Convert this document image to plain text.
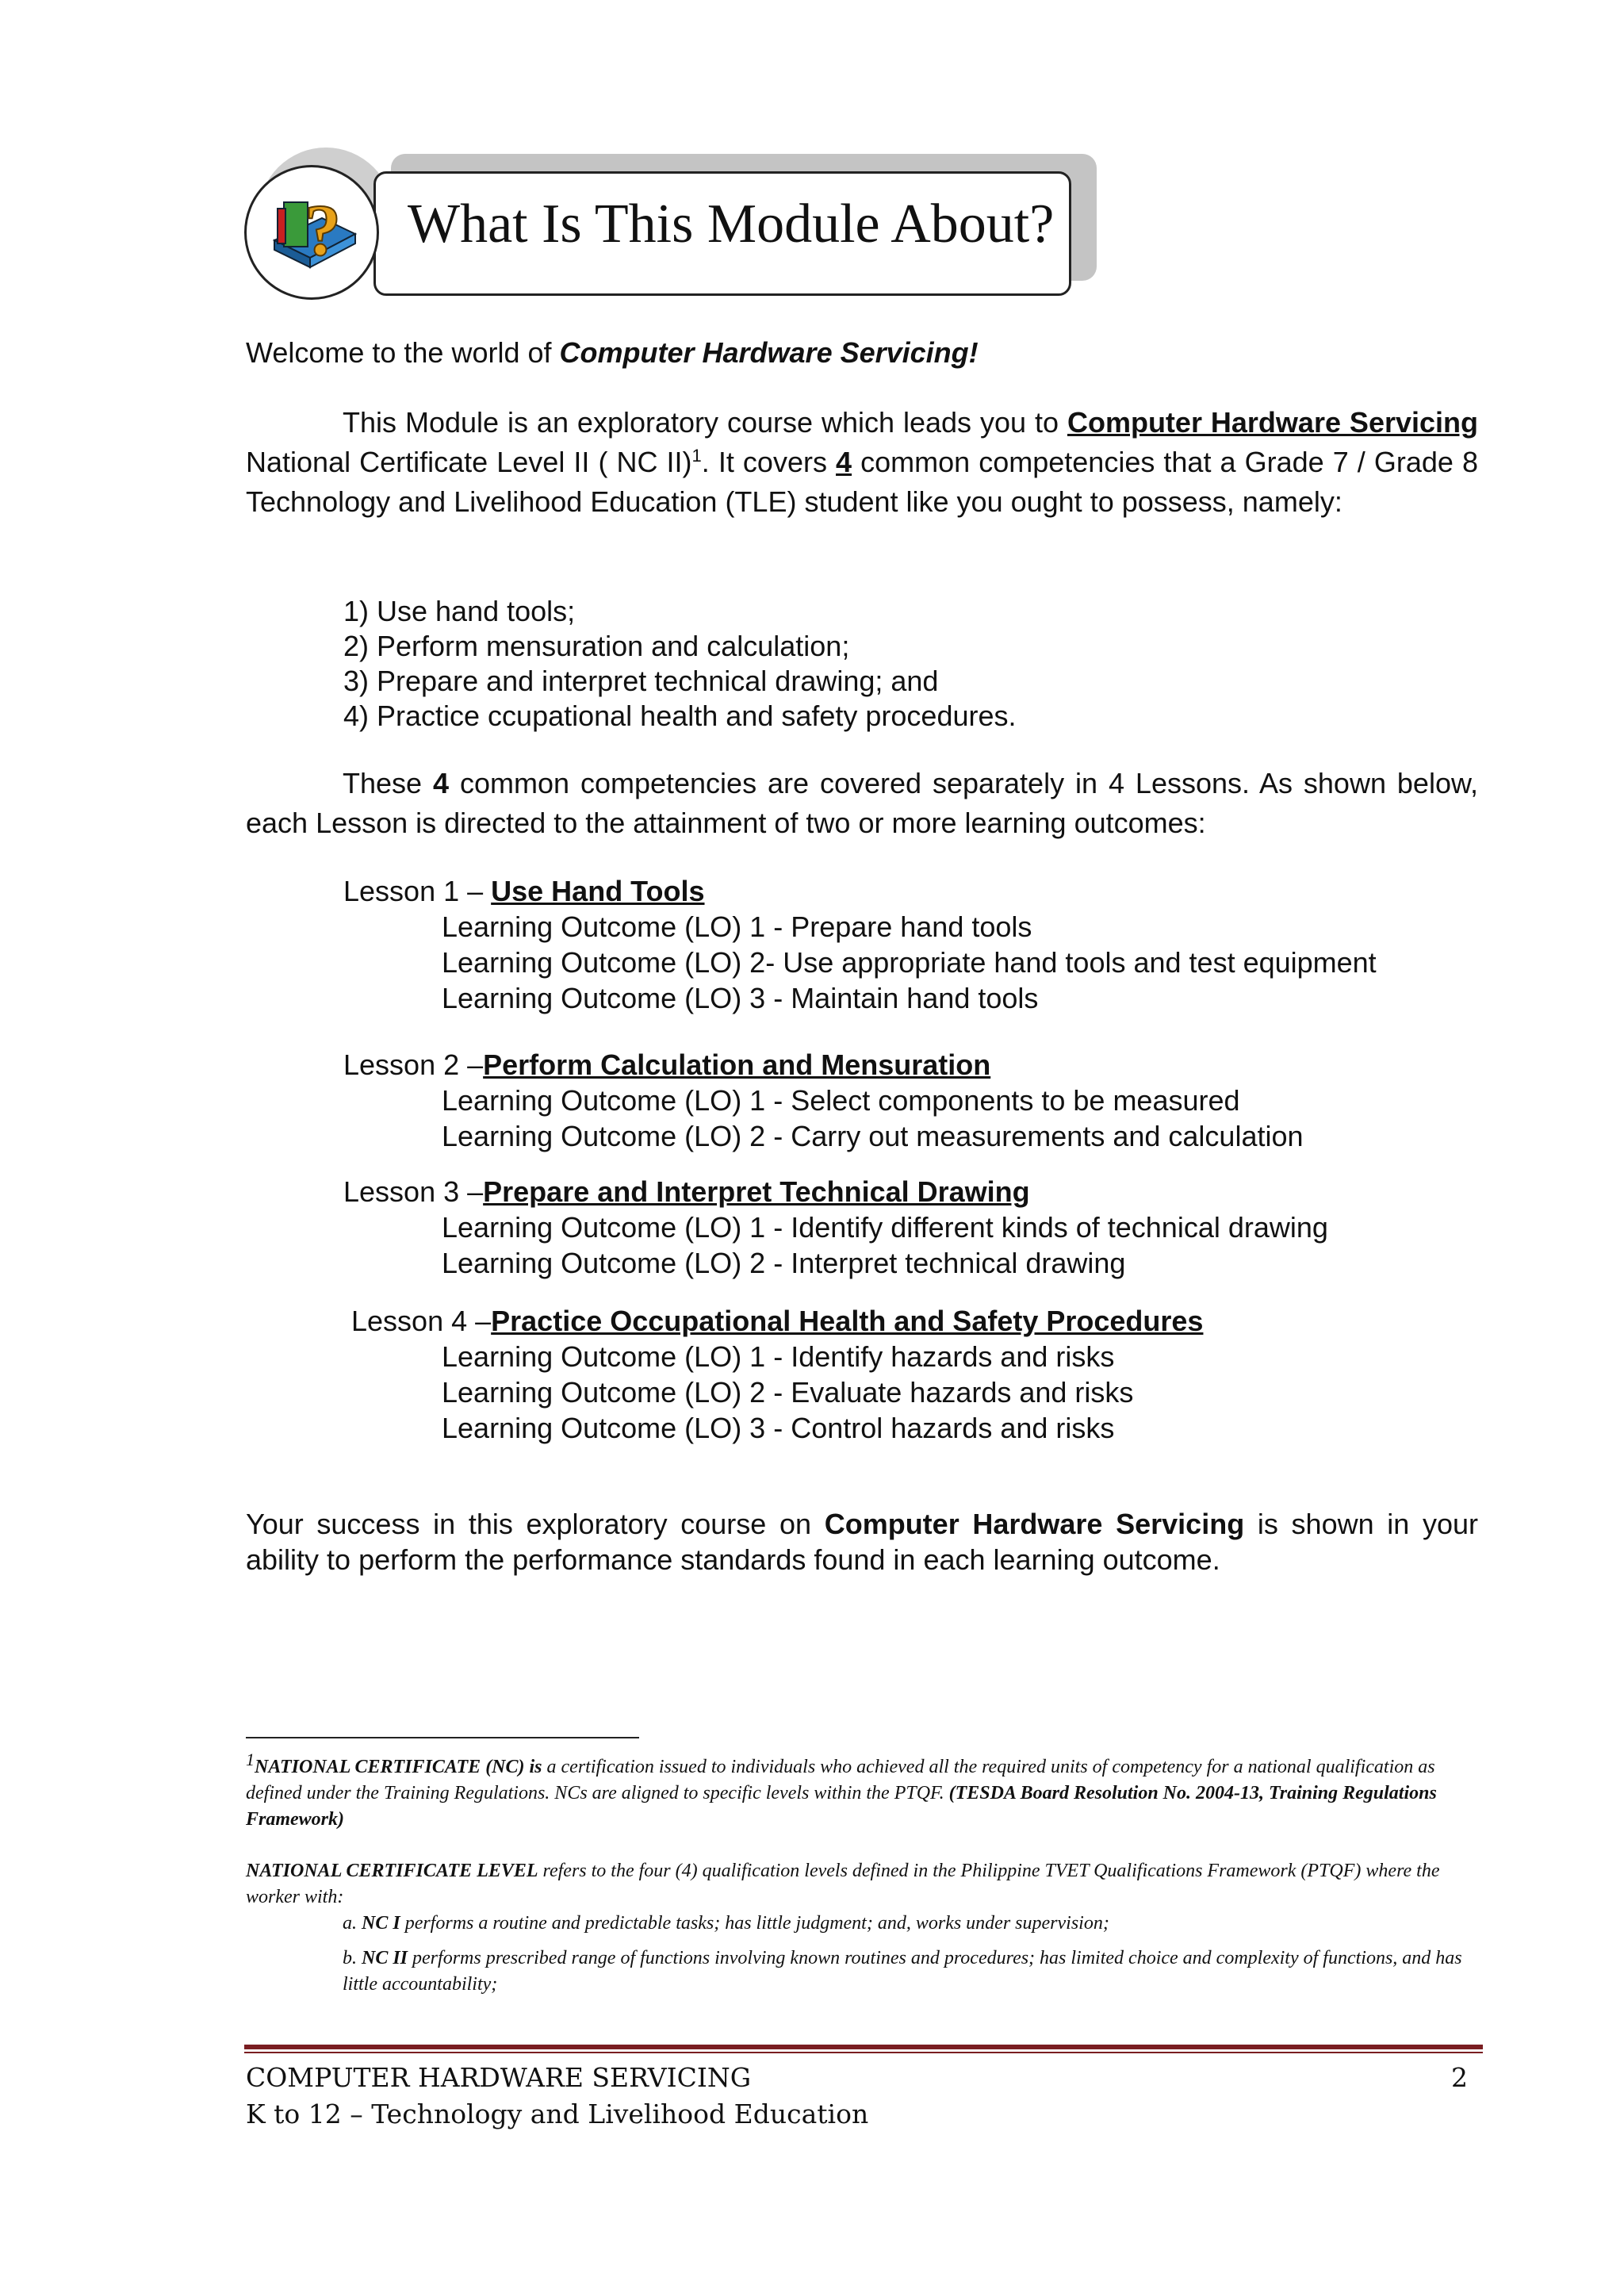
What Is This Module About?
?
Welcome to the world of Computer Hardware Servicing!
This Module is an exploratory course which leads you to Computer Hardware Servicing National Certificate Level II ( NC II)$^1$. It covers 4 common competencies that a Grade 7 / Grade 8 Technology and Livelihood Education (TLE) student like you ought to possess, namely:
1) Use hand tools;
2) Perform mensuration and calculation;
3) Prepare and interpret technical drawing; and
4) Practice ccupational health and safety procedures.
These 4 common competencies are covered separately in 4 Lessons. As shown below, each Lesson is directed to the attainment of two or more learning outcomes:
Lesson 1 – Use Hand Tools
Learning Outcome (LO) 1 - Prepare hand tools
Learning Outcome (LO) 2- Use appropriate hand tools and test equipment
Learning Outcome (LO) 3 - Maintain hand tools
Lesson 2 –Perform Calculation and Mensuration
Learning Outcome (LO) 1 - Select components to be measured
Learning Outcome (LO) 2 - Carry out measurements and calculation
Lesson 3 –Prepare and Interpret Technical Drawing
Learning Outcome (LO) 1 - Identify different kinds of technical drawing
Learning Outcome (LO) 2 - Interpret technical drawing
Lesson 4 –Practice Occupational Health and Safety Procedures
Learning Outcome (LO) 1 - Identify hazards and risks
Learning Outcome (LO) 2 - Evaluate hazards and risks
Learning Outcome (LO) 3 - Control hazards and risks
Your success in this exploratory course on Computer Hardware Servicing is shown in your ability to perform the performance standards found in each learning outcome.
$^1$NATIONAL CERTIFICATE (NC) is a certification issued to individuals who achieved all the required units of competency for a national qualification as defined under the Training Regulations. NCs are aligned to specific levels within the PTQF. (TESDA Board Resolution No. 2004-13, Training Regulations Framework)
NATIONAL CERTIFICATE LEVEL refers to the four (4) qualification levels defined in the Philippine TVET Qualifications Framework (PTQF) where the worker with:
a. NC I performs a routine and predictable tasks; has little judgment; and, works under supervision;
b. NC II performs prescribed range of functions involving known routines and procedures; has limited choice and complexity of functions, and has little accountability;
COMPUTER HARDWARE SERVICING
K to 12 – Technology and Livelihood Education
2
